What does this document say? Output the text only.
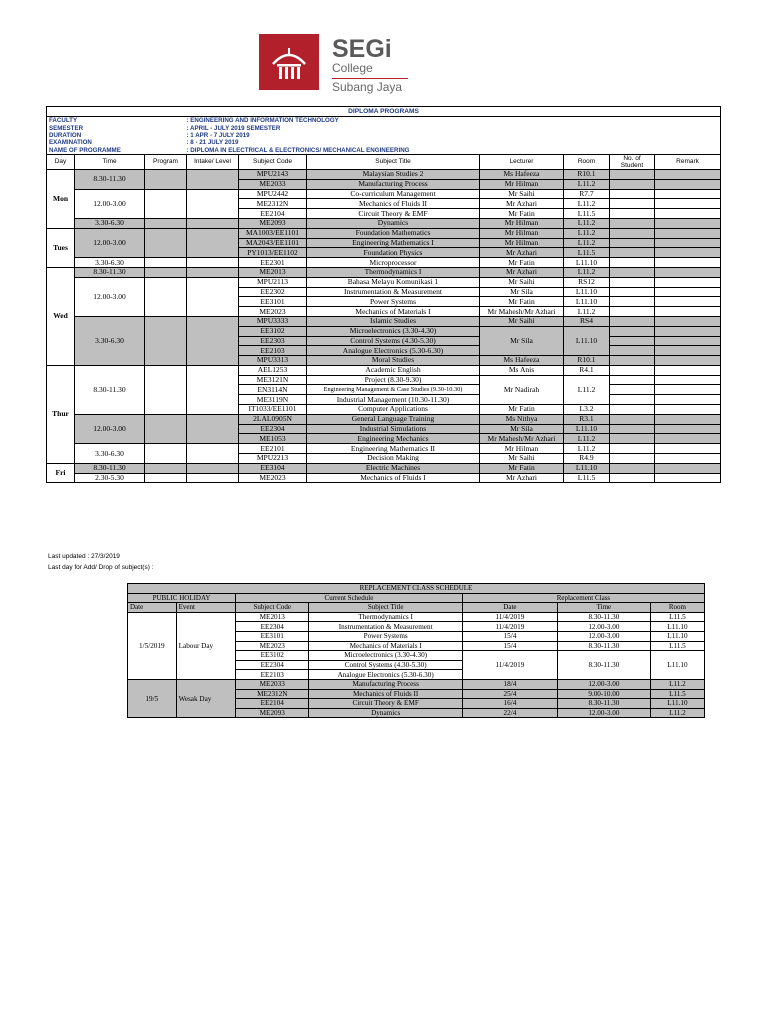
SEGi
College
Subang Jaya
DIPLOMA PROGRAMS									
FACULTY			: ENGINEERING AND INFORMATION TECHNOLOGY						
SEMESTER			: APRIL - JULY 2019 SEMESTER						
DURATION			: 1 APR - 7 JULY 2019						
EXAMINATION			: 8 - 21 JULY 2019						
NAME OF PROGRAMME			: DIPLOMA IN ELECTRICAL & ELECTRONICS/ MECHANICAL ENGINEERING						
Day	Time	Program	Intake/ Level	Subject Code	Subject Title	Lecturer	Room	No. of Student	Remark
Mon	8.30-11.30			MPU2143	Malaysian Studies 2	Ms Hafeeza	R10.1		
				ME2033	Manufacturing Process	Mr Hilman	L11.2		
	12.00-3.00			MPU2442	Co-curriculum Management	Mr Saihi	R7.7		
				ME2312N	Mechanics of Fluids II	Mr Azhari	L11.2		
				EE2104	Circuit Theory & EMF	Mr Fatin	L11.5		
	3.30-6.30			ME2093	Dynamics	Mr Hilman	L11.2		
Tues	12.00-3.00			MA1003/EE1101	Foundation Mathematics	Mr Hilman	L11.2		
				MA2043/EE1101	Engineering Mathematics I	Mr Hilman	L11.2		
				PY1013/EE1102	Foundation Physics	Mr Azhari	L11.5		
	3.30-6.30			EE2301	Microprocessor	Mr Fatin	L11.10		
Wed	8.30-11.30			ME2013	Thermodynamics I	Mr Azhari	L11.2		
	12.00-3.00			MPU2113	Bahasa Melayu Komunikasi 1	Mr Saihi	RS12		
				EE2302	Instrumentation & Measurement	Mr Sila	L11.10		
				EE3101	Power Systems	Mr Fatin	L11.10		
				ME2023	Mechanics of Materials I	Mr Mahesh/Mr Azhari	L11.2		
	3.30-6.30			MPU3333	Islamic Studies	Mr Saihi	RS4		
				EE3102	Microelectronics (3.30-4.30)	Mr Sila	L11.10		
				EE2303	Control Systems (4.30-5.30)				
				EE2103	Analogue Electronics (5.30-6.30)				
				MPU3313	Moral Studies	Ms Hafeeza	R10.1		
Thur	8.30-11.30			AEL1253	Academic English	Ms Anis	R4.1		
				ME3121N	Project (8.30-9.30)	Mr Nadirah	L11.2		
				EN3114N	Engineering Management & Case Studies (9.30-10.30)				
				ME3119N	Industrial Management (10.30-11.30)				
				IT1033/EE1101	Computer Applications	Mr Fatin	L3.2		
	12.00-3.00			2LAL0905N	General Language Training	Ms Nithya	R3.1		
				EE2304	Industrial Simulations	Mr Sila	L11.10		
				ME1053	Engineering Mechanics	Mr Mahesh/Mr Azhari	L11.2		
	3.30-6.30			EE2101	Engineering Mathematics II	Mr Hilman	L11.2		
				MPU2213	Decision Making	Mr Saihi	R4.9		
Fri	8.30-11.30			EE3104	Electric Machines	Mr Fatin	L11.10		
	2.30-5.30			ME2023	Mechanics of Fluids I	Mr Azhari	L11.5		
Last updated : 27/3/2019
Last day for Add/ Drop of subject(s) :
REPLACEMENT CLASS SCHEDULE						
PUBLIC HOLIDAY		Current Schedule		Replacement Class		
Date	Event	Subject Code	Subject Title	Date	Time	Room
1/5/2019	Labour Day	ME2013	Thermodynamics I	11/4/2019	8.30-11.30	L11.5
		EE2304	Instrumentation & Measurement	11/4/2019	12.00-3.00	L11.10
		EE3101	Power Systems	15/4	12.00-3.00	L11.10
		ME2023	Mechanics of Materials I	15/4	8.30-11.30	L11.5
		EE3102	Microelectronics (3.30-4.30)	11/4/2019	8.30-11.30	L11.10
		EE2304	Control Systems (4.30-5.30)			
		EE2103	Analogue Electronics (5.30-6.30)			
19/5	Wesak Day	ME2033	Manufacturing Process	18/4	12.00-3.00	L11.2
		ME2312N	Mechanics of Fluids II	25/4	9.00-10.00	L11.5
		EE2104	Circuit Theory & EMF	16/4	8.30-11.30	L11.10
		ME2093	Dynamics	22/4	12.00-3.00	L11.2
